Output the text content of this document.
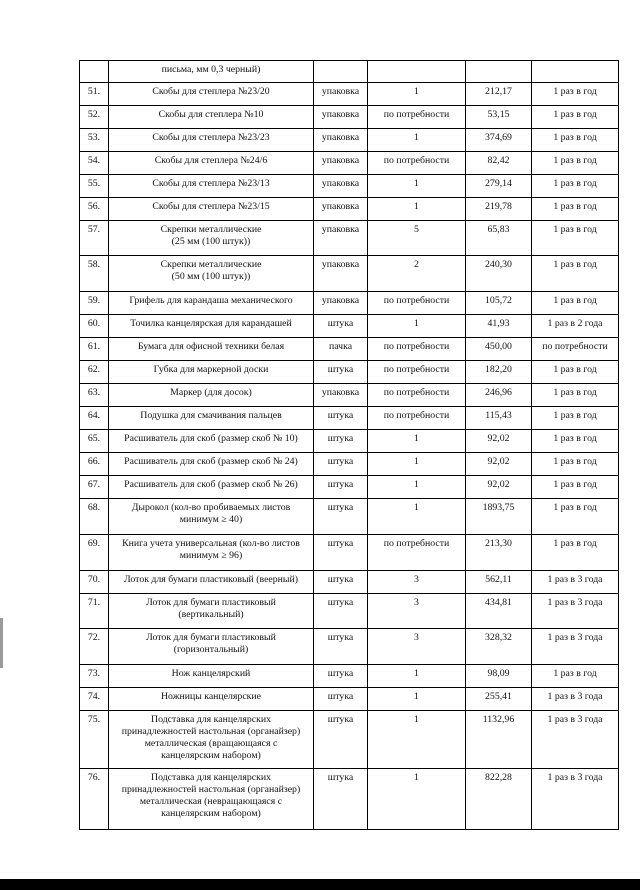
	письма, мм 0,3 черный)				
51.	Скобы для степлера №23/20	упаковка	1	212,17	1 раз в год
52.	Скобы для степлера №10	упаковка	по потребности	53,15	1 раз в год
53.	Скобы для степлера №23/23	упаковка	1	374,69	1 раз в год
54.	Скобы для степлера №24/6	упаковка	по потребности	82,42	1 раз в год
55.	Скобы для степлера №23/13	упаковка	1	279,14	1 раз в год
56.	Скобы для степлера №23/15	упаковка	1	219,78	1 раз в год
57.	Скрепки металлические
(25 мм (100 штук))	упаковка	5	65,83	1 раз в год
58.	Скрепки металлические
(50 мм (100 штук))	упаковка	2	240,30	1 раз в год
59.	Грифель для карандаша механического	упаковка	по потребности	105,72	1 раз в год
60.	Точилка канцелярская для карандашей	штука	1	41,93	1 раз в 2 года
61.	Бумага для офисной техники белая	пачка	по потребности	450,00	по потребности
62.	Губка для маркерной доски	штука	по потребности	182,20	1 раз в год
63.	Маркер (для досок)	упаковка	по потребности	246,96	1 раз в год
64.	Подушка для смачивания пальцев	штука	по потребности	115,43	1 раз в год
65.	Расшиватель для скоб (размер скоб № 10)	штука	1	92,02	1 раз в год
66.	Расшиватель для скоб (размер скоб № 24)	штука	1	92,02	1 раз в год
67.	Расшиватель для скоб (размер скоб № 26)	штука	1	92,02	1 раз в год
68.	Дырокол (кол-во пробиваемых листов
минимум ≥ 40)	штука	1	1893,75	1 раз в год
69.	Книга учета универсальная (кол-во листов
минимум ≥ 96)	штука	по потребности	213,30	1 раз в год
70.	Лоток для бумаги пластиковый (веерный)	штука	3	562,11	1 раз в 3 года
71.	Лоток для бумаги пластиковый
(вертикальный)	штука	3	434,81	1 раз в 3 года
72.	Лоток для бумаги пластиковый
(горизонтальный)	штука	3	328,32	1 раз в 3 года
73.	Нож канцелярский	штука	1	98,09	1 раз в год
74.	Ножницы канцелярские	штука	1	255,41	1 раз в 3 года
75.	Подставка для канцелярских
принадлежностей настольная (органайзер)
металлическая (вращающаяся с
канцелярским набором)	штука	1	1132,96	1 раз в 3 года
76.	Подставка для канцелярских
принадлежностей настольная (органайзер)
металлическая (невращающаяся с
канцелярским набором)	штука	1	822,28	1 раз в 3 года
